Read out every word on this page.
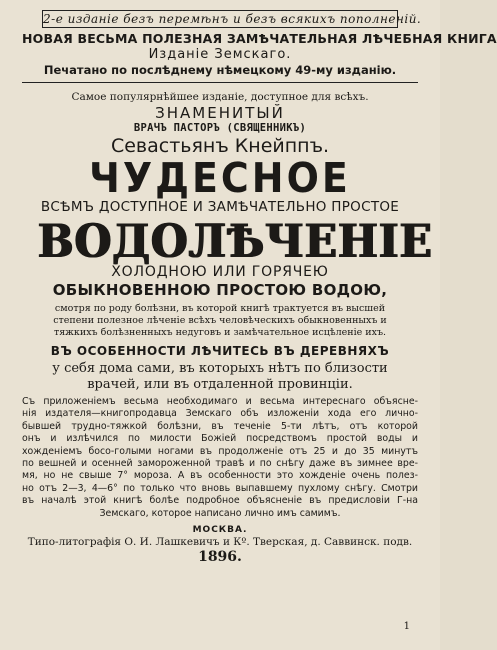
2-е изданіе безъ перемѣнъ и безъ всякихъ пополненій.
НОВАЯ ВЕСЬМА ПОЛЕЗНАЯ ЗАМѢЧАТЕЛЬНАЯ ЛѢЧЕБНАЯ КНИГА
Изданіе Земскаго.
Печатано по послѣднему нѣмецкому 49-му изданію.
Самое популярнѣйшее изданіе, доступное для всѣхъ.
ЗНАМЕНИТЫЙ
ВРАЧЪ ПАСТОРЪ (СВЯЩЕННИКЪ)
Севастьянъ Кнейппъ.
ЧУДЕСНОЕ
ВСѢМЪ ДОСТУПНОЕ И ЗАМѢЧАТЕЛЬНО ПРОСТОЕ
ВОДОЛѢЧЕНІЕ
ХОЛОДНОЮ ИЛИ ГОРЯЧЕЮ
ОБЫКНОВЕННОЮ ПРОСТОЮ ВОДОЮ,
смотря по роду болѣзни, въ которой книгѣ трактуется въ высшей
степени полезное лѣченіе всѣхъ человѣческихъ обыкновенныхъ и
тяжкихъ болѣзненныхъ недуговъ и замѣчательное исцѣленіе ихъ.
ВЪ ОСОБЕННОСТИ ЛѢЧИТЕСЬ ВЪ ДЕРЕВНЯХЪ
у себя дома сами, въ которыхъ нѣтъ по близости
врачей, или въ отдаленной провинціи.
Съ приложеніемъ весьма необходимаго и весьма интереснаго объясне-
нія издателя—книгопродавца Земскаго объ изложеніи хода его лично-
бывшей трудно-тяжкой болѣзни, въ теченіе 5-ти лѣтъ, отъ которой
онъ и излѣчился по милости Божіей посредствомъ простой воды и
хожденіемъ босо-голыми ногами въ продолженіе отъ 25 и до 35 минутъ
по вешней и осенней замороженной травѣ и по снѣгу даже въ зимнее вре-
мя, но не свыше 7° мороза. А въ особенности это хожденіе очень полез-
но отъ 2—3, 4—6° по только что вновь выпавшему пухлому снѣгу. Смотри
въ началѣ этой книгѣ болѣе подробное объясненіе въ предисловіи Г-на
Земскаго, которое написано лично имъ самимъ.
МОСКВА.
Типо-литографія О. И. Лашкевичъ и Кº. Тверская, д. Саввинск. подв.
1896.
1
